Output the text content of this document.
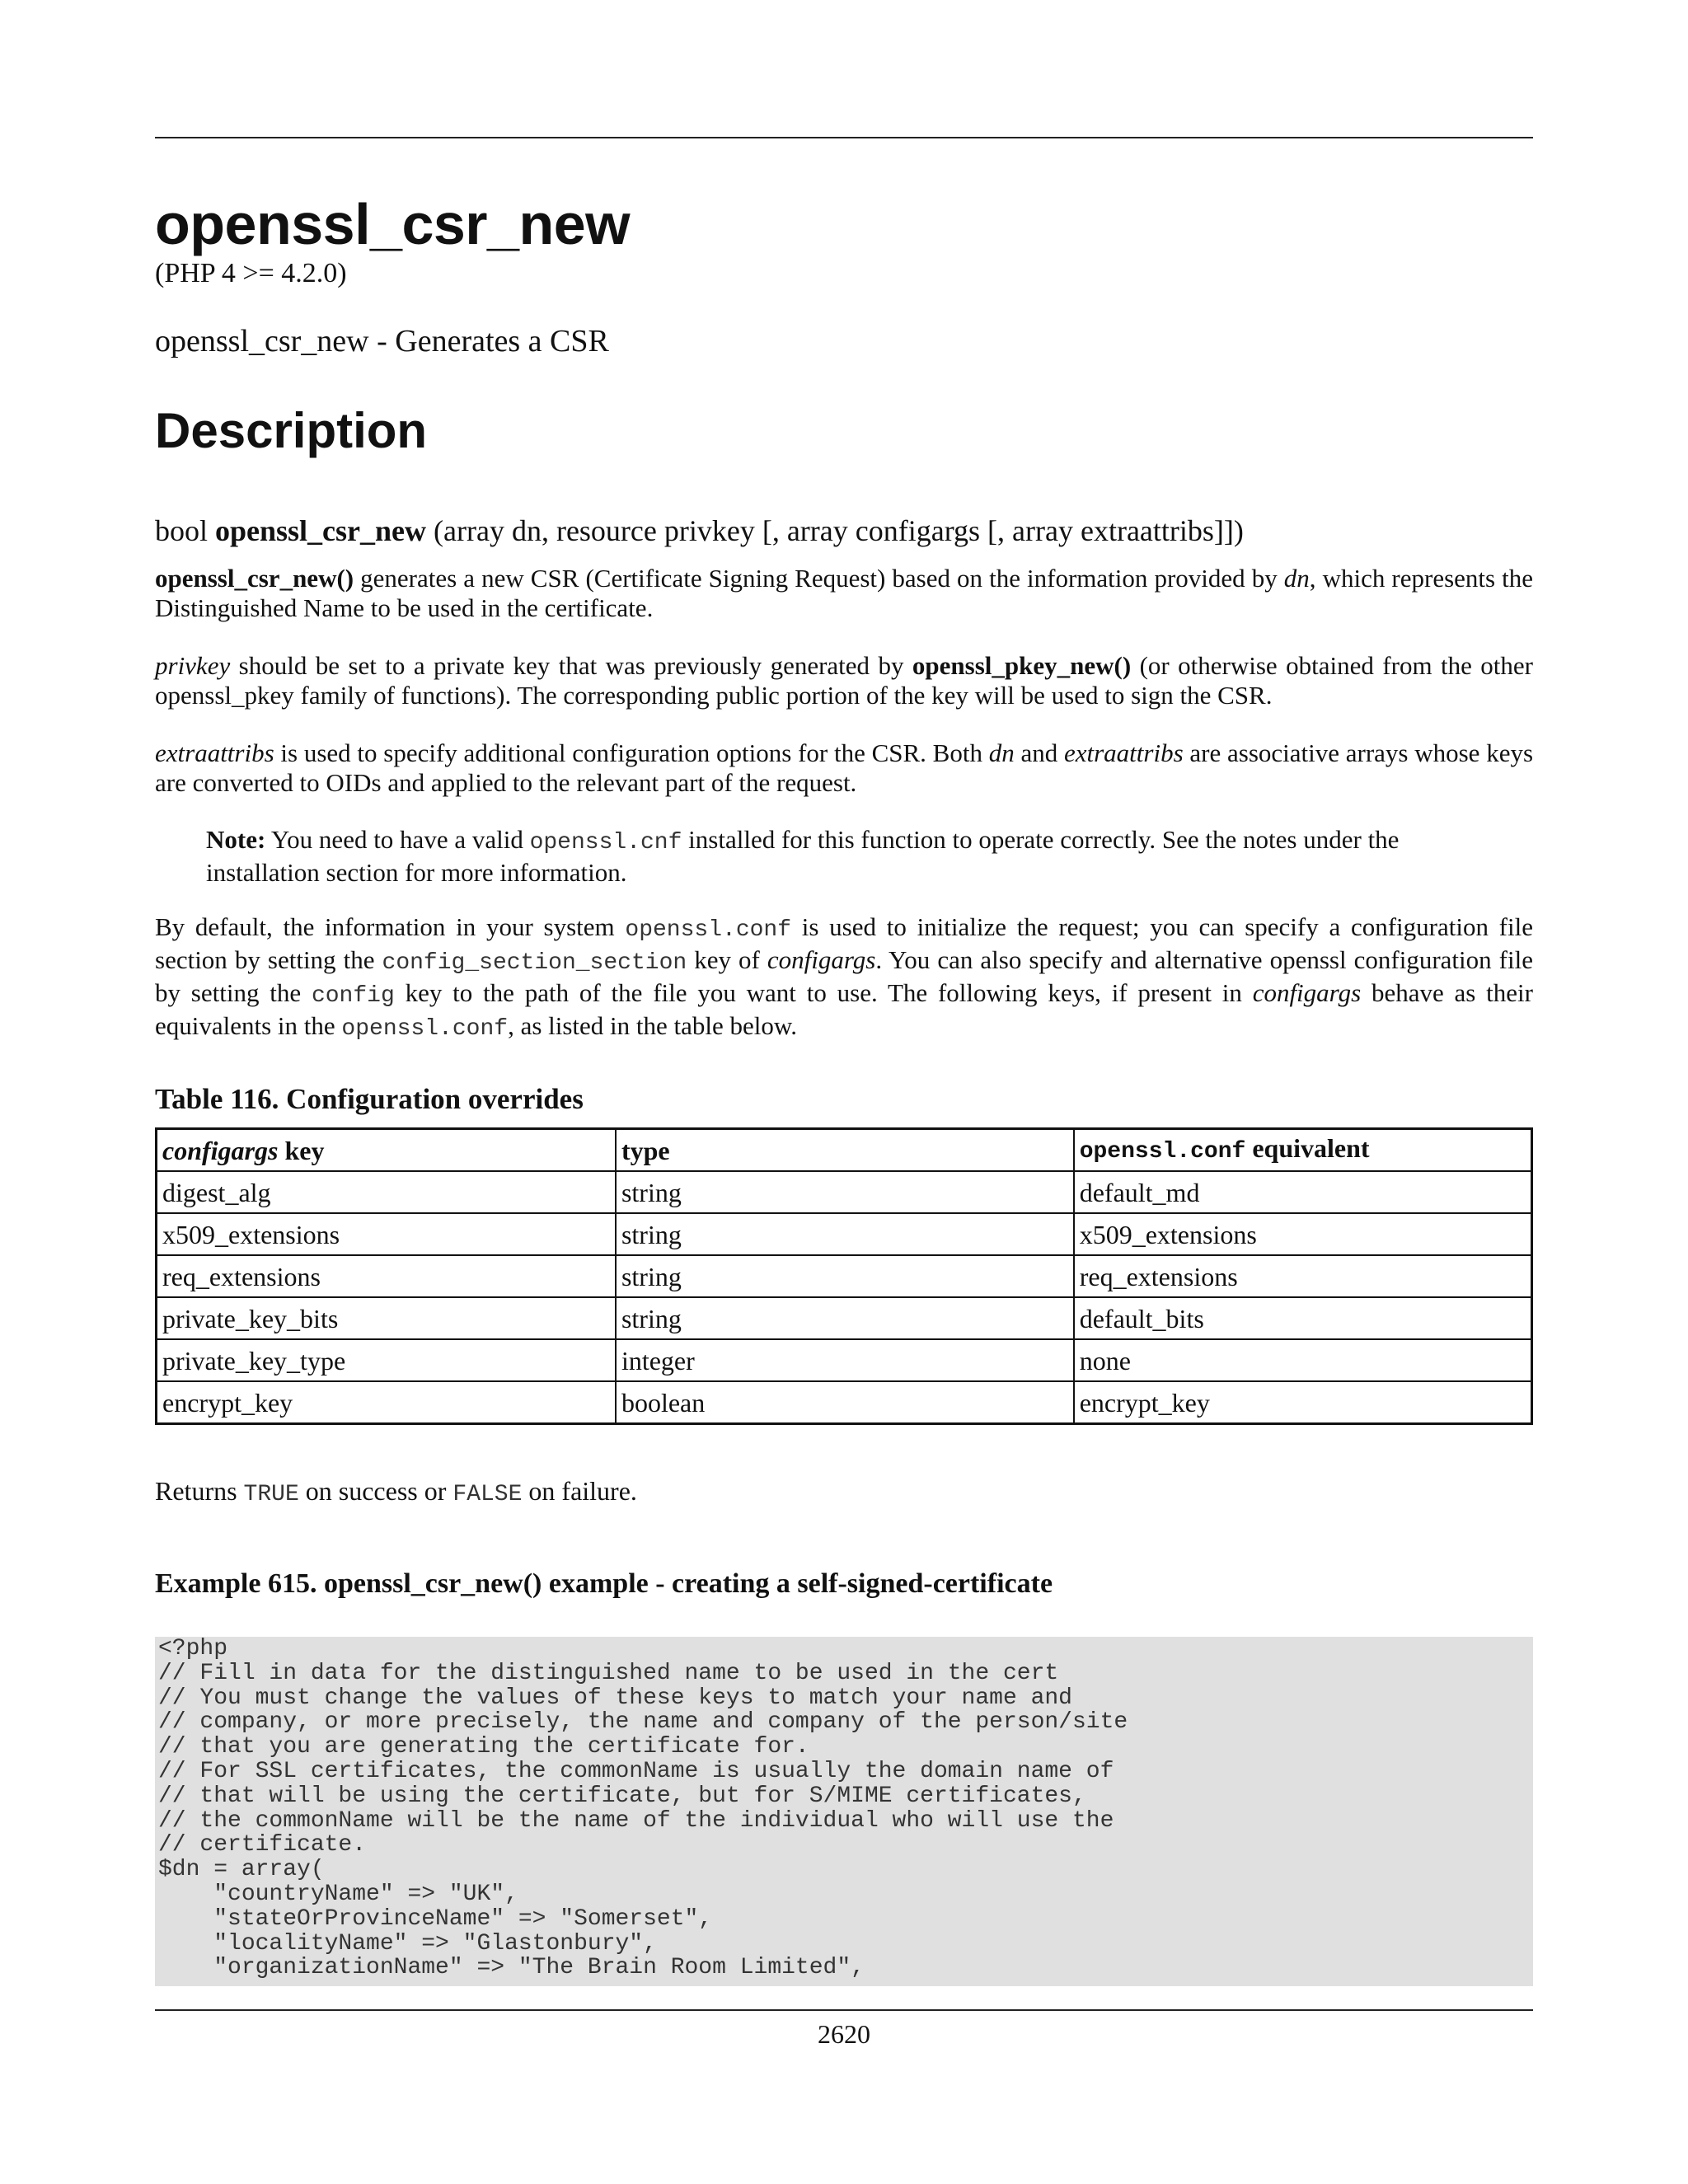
openssl_csr_new
(PHP 4 >= 4.2.0)
openssl_csr_new - Generates a CSR
Description
bool openssl_csr_new (array dn, resource privkey [, array configargs [, array extraattribs]])
openssl_csr_new() generates a new CSR (Certificate Signing Request) based on the information provided by dn, which represents the Distinguished Name to be used in the certificate.
privkey should be set to a private key that was previously generated by openssl_pkey_new() (or otherwise obtained from the other openssl_pkey family of functions). The corresponding public portion of the key will be used to sign the CSR.
extraattribs is used to specify additional configuration options for the CSR. Both dn and extraattribs are associative arrays whose keys are converted to OIDs and applied to the relevant part of the request.
Note: You need to have a valid openssl.cnf installed for this function to operate correctly. See the notes under the installation section for more information.
By default, the information in your system openssl.conf is used to initialize the request; you can specify a configuration file section by setting the config_section_section key of configargs. You can also specify and alternative openssl configuration file by setting the config key to the path of the file you want to use. The following keys, if present in configargs behave as their equivalents in the openssl.conf, as listed in the table below.
Table 116. Configuration overrides
configargs key	type	openssl.conf equivalent
digest_alg	string	default_md
x509_extensions	string	x509_extensions
req_extensions	string	req_extensions
private_key_bits	string	default_bits
private_key_type	integer	none
encrypt_key	boolean	encrypt_key
Returns TRUE on success or FALSE on failure.
Example 615. openssl_csr_new() example - creating a self-signed-certificate
<?php
// Fill in data for the distinguished name to be used in the cert
// You must change the values of these keys to match your name and
// company, or more precisely, the name and company of the person/site
// that you are generating the certificate for.
// For SSL certificates, the commonName is usually the domain name of
// that will be using the certificate, but for S/MIME certificates,
// the commonName will be the name of the individual who will use the
// certificate.
$dn = array(
"countryName" => "UK",
"stateOrProvinceName" => "Somerset",
"localityName" => "Glastonbury",
"organizationName" => "The Brain Room Limited",
2620
